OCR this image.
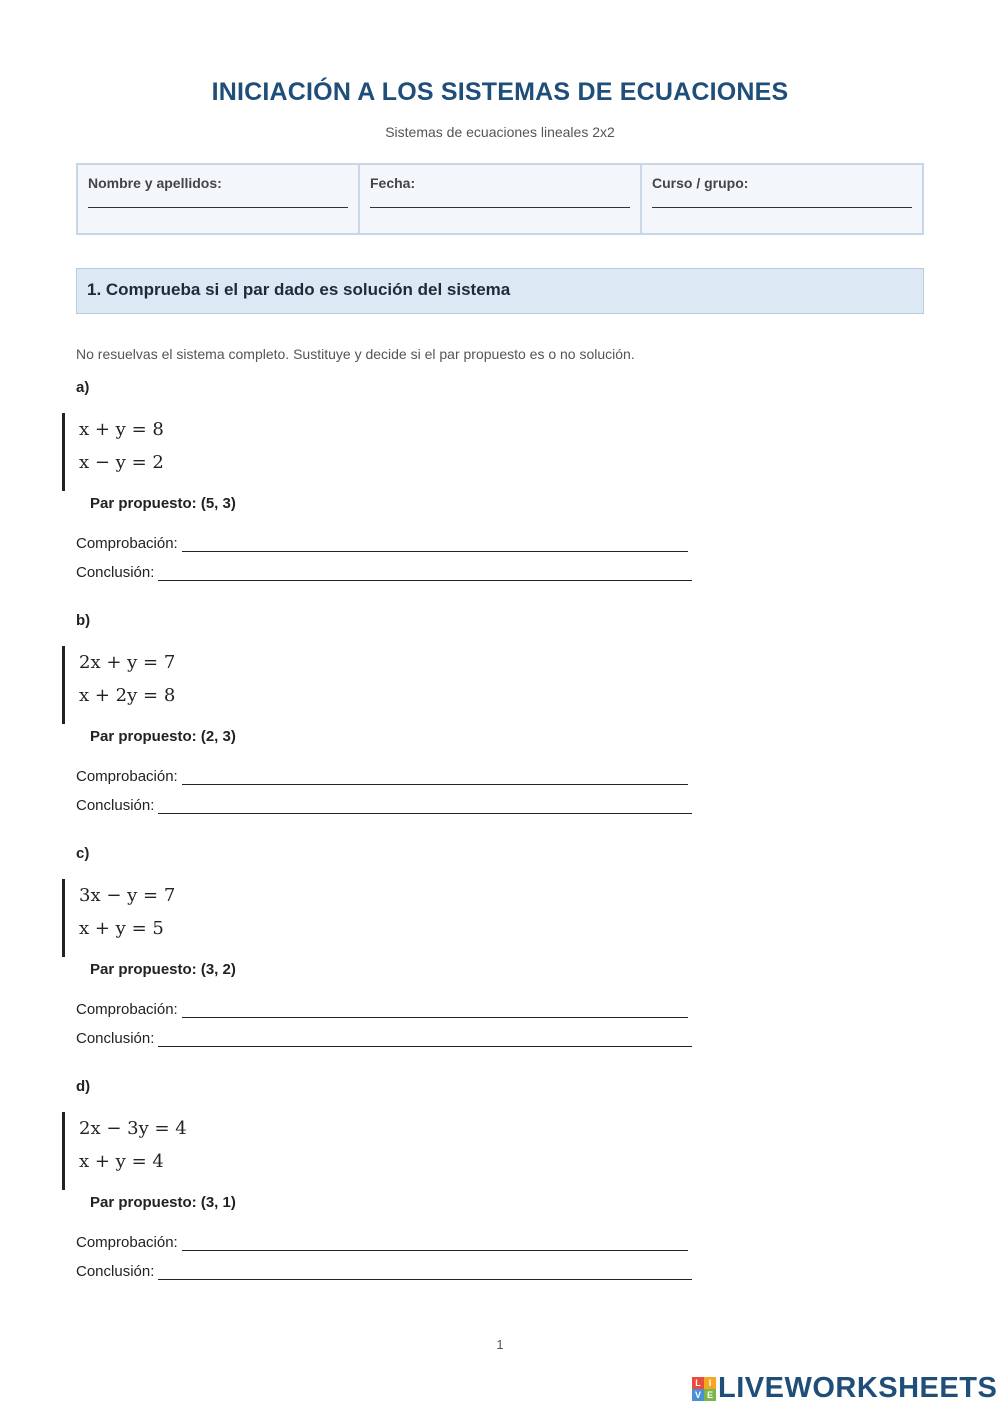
INICIACIÓN A LOS SISTEMAS DE ECUACIONES
Sistemas de ecuaciones lineales 2x2
Nombre y apellidos:	Fecha:	Curso / grupo:
1. Comprueba si el par dado es solución del sistema
No resuelvas el sistema completo. Sustituye y decide si el par propuesto es o no solución.
a)
x + y = 8
x − y = 2
Par propuesto: (5, 3)
Comprobación:
Conclusión:
b)
2x + y = 7
x + 2y = 8
Par propuesto: (2, 3)
Comprobación:
Conclusión:
c)
3x − y = 7
x + y = 5
Par propuesto: (3, 2)
Comprobación:
Conclusión:
d)
2x − 3y = 4
x + y = 4
Par propuesto: (3, 1)
Comprobación:
Conclusión:
1
L I
V E LIVEWORKSHEETS
